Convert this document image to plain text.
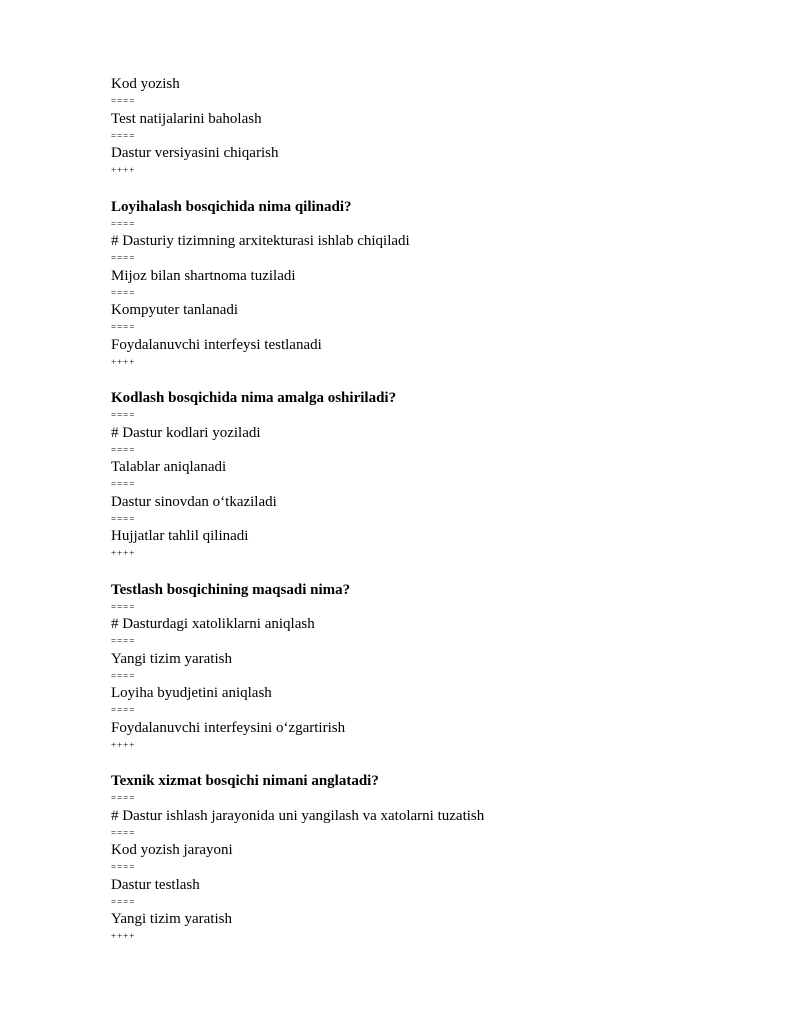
Kod yozish
====
Test natijalarini baholash
====
Dastur versiyasini chiqarish
++++
Loyihalash bosqichida nima qilinadi?
====
# Dasturiy tizimning arxitekturasi ishlab chiqiladi
====
Mijoz bilan shartnoma tuziladi
====
Kompyuter tanlanadi
====
Foydalanuvchi interfeysi testlanadi
++++
Kodlash bosqichida nima amalga oshiriladi?
====
# Dastur kodlari yoziladi
====
Talablar aniqlanadi
====
Dastur sinovdan o‘tkaziladi
====
Hujjatlar tahlil qilinadi
++++
Testlash bosqichining maqsadi nima?
====
# Dasturdagi xatoliklarni aniqlash
====
Yangi tizim yaratish
====
Loyiha byudjetini aniqlash
====
Foydalanuvchi interfeysini o‘zgartirish
++++
Texnik xizmat bosqichi nimani anglatadi?
====
# Dastur ishlash jarayonida uni yangilash va xatolarni tuzatish
====
Kod yozish jarayoni
====
Dastur testlash
====
Yangi tizim yaratish
++++
